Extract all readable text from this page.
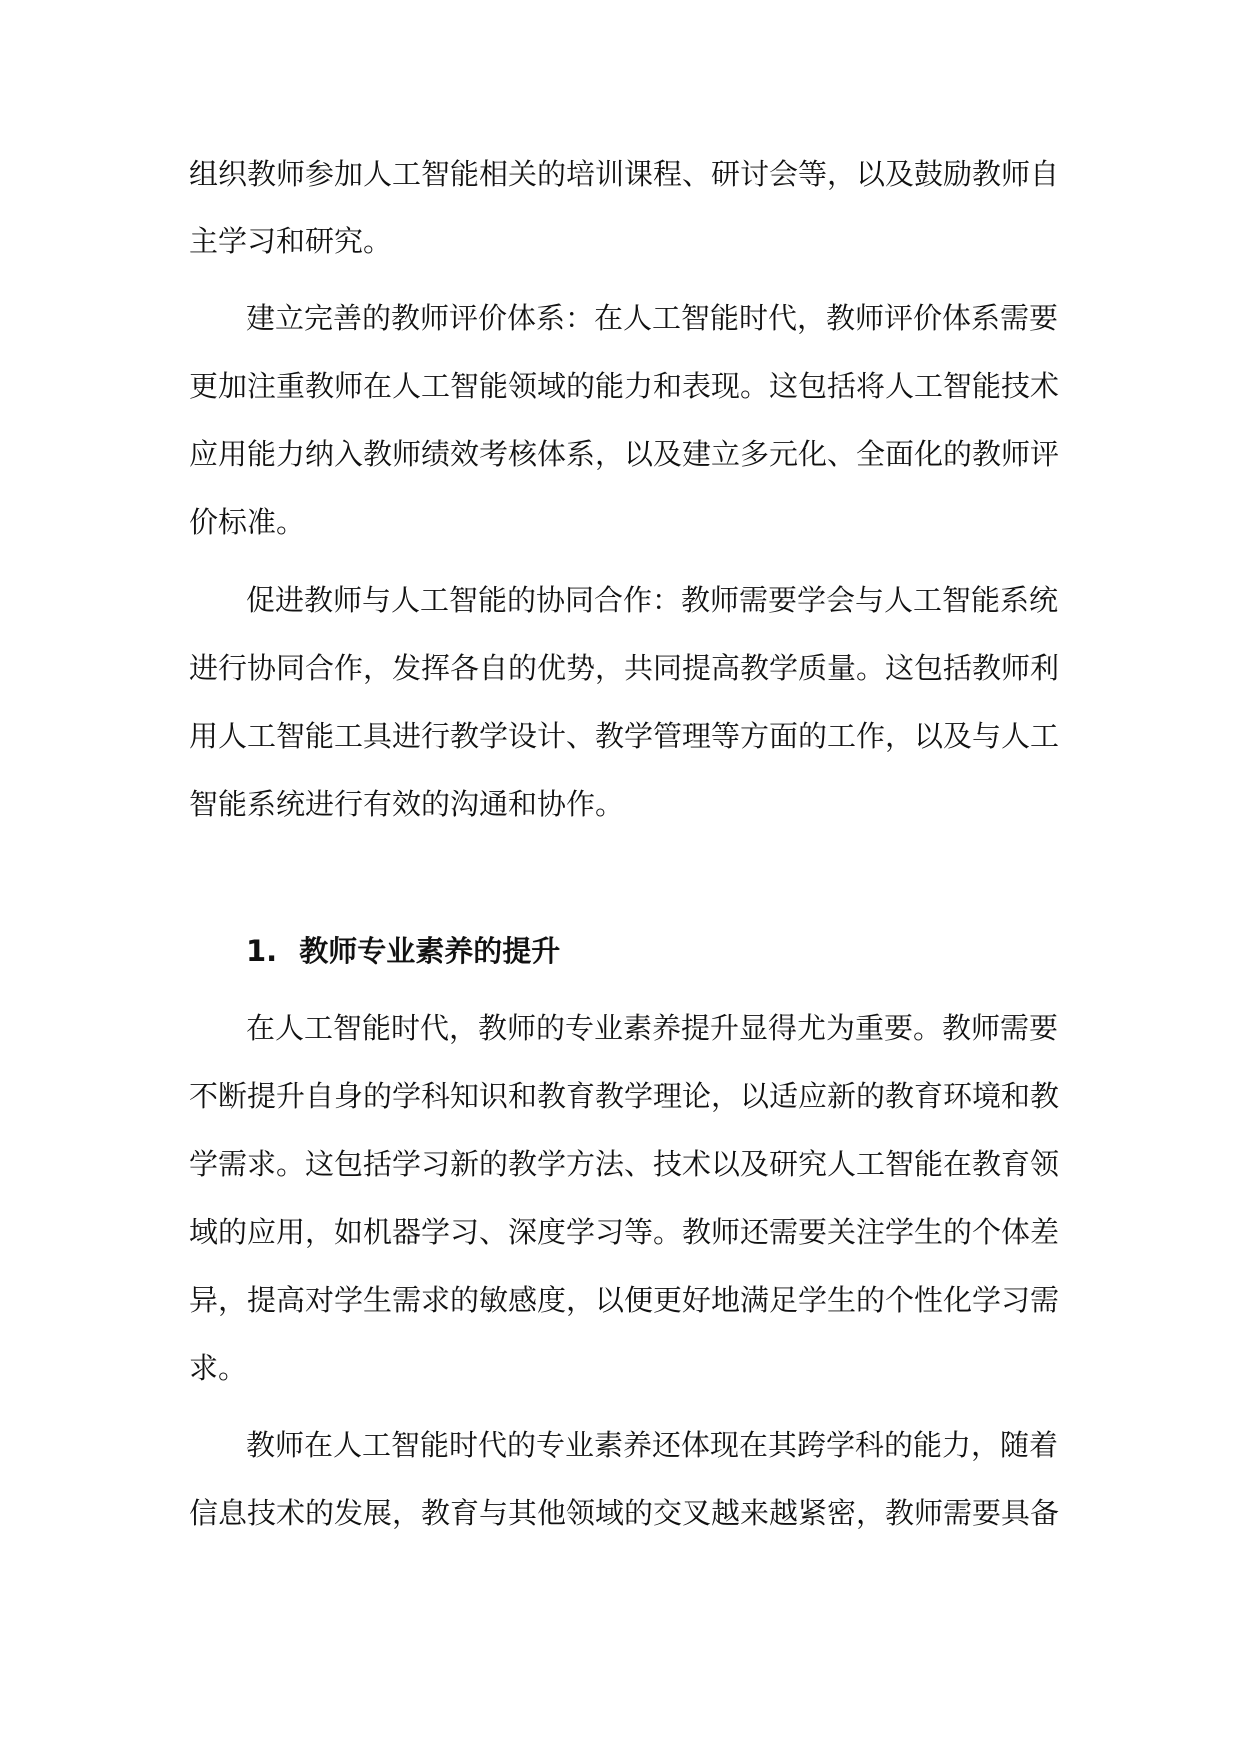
组织教师参加人工智能相关的培训课程、研讨会等，以及鼓励教师自
主学习和研究。
建立完善的教师评价体系：在人工智能时代，教师评价体系需要
更加注重教师在人工智能领域的能力和表现。这包括将人工智能技术
应用能力纳入教师绩效考核体系，以及建立多元化、全面化的教师评
价标准。
促进教师与人工智能的协同合作：教师需要学会与人工智能系统
进行协同合作，发挥各自的优势，共同提高教学质量。这包括教师利
用人工智能工具进行教学设计、教学管理等方面的工作，以及与人工
智能系统进行有效的沟通和协作。
1. 教师专业素养的提升
在人工智能时代，教师的专业素养提升显得尤为重要。教师需要
不断提升自身的学科知识和教育教学理论，以适应新的教育环境和教
学需求。这包括学习新的教学方法、技术以及研究人工智能在教育领
域的应用，如机器学习、深度学习等。教师还需要关注学生的个体差
异，提高对学生需求的敏感度，以便更好地满足学生的个性化学习需
求。
教师在人工智能时代的专业素养还体现在其跨学科的能力，随着
信息技术的发展，教育与其他领域的交叉越来越紧密，教师需要具备
